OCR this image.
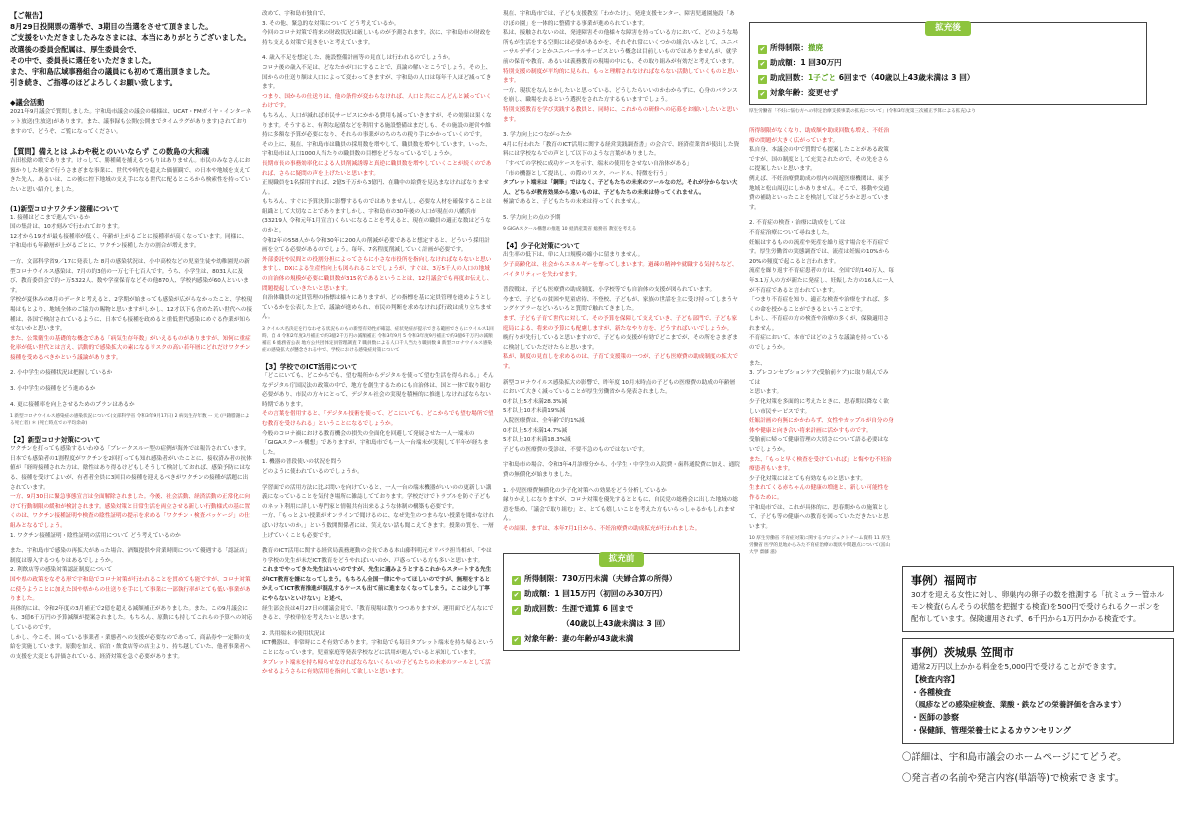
【ご報告】

8月29日投開票の選挙で、3期目の当選をさせて頂きました。

ご支援をいただきましたみなさまには、本当にありがとうございました。

改選後の委員会配属は、厚生委員会で、

その中で、委員長に選任をいただきました。

また、宇和島広域事務組合の議員にも初めて選出頂きました。

引き続き、ご指導のほどよろしくお願い致します。

◆議会活動

2021年9月議会で質問しました。宇和島市議会の議会の様様は、UCAT・FMガイヤ・インターネット放送(生放送)があります。また、議事録も公開(公開までタイムラグがあります)されておりますので、どうぞ、ご覧になってください。

【質問】備えとは ふわや税とのいいならず この数島の大和魂

吉田松陰の歌であります。けっして、勝種蔵を捕えるつもりはありません。市民のみなさんにお預かりした税金で行うさまざまな事業に、世代や時代を超えた価値観で、の日本や地域を支えてきた先人、あるいは、この後に控下地域の支え手になる世代に配るところから検索性を持っていたいと思い紹介しました。

(1)新型コロナワクチン接種について

1. 接種はどこまで進んでいるか

国の集計は、10才刻みで行われております。

12才から19才が最も接種率が低く、年齢が上がるごとに接種率が高くなっています。同様に、宇和島市も年齢層が上がるごとに、ワクチン接種した方の割合が増えます。

一方、文部科学省9／17に発表した 8月の感染状況は、小中高校などの児童生徒や幼稚園児の新型コロナウイルス感染は、7月の約3倍の一万七千七百人です。うち、小学生は、8031人に及び、教育委員会で約ー万5322人、数や学童保育などその他870人、学校内感染が60人といいます。

学校が夏休みの8月のデータと考えると、2学期が始まっても感染が広がらなかったこと、学校現場はもとより、地域全体のご協力の賜物と思いますがしかし、12才以下も含めた若い世代への接種は、各国で検討されているように、日本でも接種を政めると重低世代感染にめぐる作業が知らせないかと思います。

また、公衆衛生の基礎的な概念である「病気生存年数」がいえるものがありますが、知何に重症化率が低い世代とは言え、活動的で感染拡大の素になるリスクの高い若年層にどれだけワクチン接種を受めるべきかという議論があります。

2. 小中学生の接種状況は把握しているか

3. 小中学生の接種をどう進めるか

4. 更に接種率を向上させるためのプランはあるか

1 新型コロナウイルス感染症の感染状況について(文部科学省 令和3年9月17日) 2 病気生存年数 ー 元 (戸籍謄謝による死亡者) ＊ (死亡時点での平均余命)

【2】新型コロナ対策について

ワクチンを打っても感染するいわゆる「ブレークスルー型の症例が海外では報告されています。日本でも感染者の1割程度がワクチンを2回打っても知れ感染者がいたことに、接収済み者の抗体値が「経時接種された方は、陰性はあり得るけどもしそうして検討しておれば、感染予防にはなる、接種を受けてよいが、有者者全員に3回目の接種を迎えるべきがワクチンの接種が話題に出されています。

一方、9月30日に緊急事態宣言は全面解除されました。今後、社会活動、経済活動の正常化に向けて行動制限の緩和が検討されます。感染対策と日常生活を両立させる新しい行動様式の基に置くのは、ワクチン接種証明や検査の陰性証明の提示を求める「ワクチン・検査パッケージ」の仕組みとなるでしょう。

1. ワクチン接種証明・陰性証明の活用について どう考えているのか

また、宇和島市で感染の再拡大があった場合、酒類提供や営業時間について優遇する「認証店」制度は導入するつもりはあるでしょうか。

2. 利飲店等の感染対策認証制度について

国や県の政策をなぞる形で宇和島でコロナ対策が行われることを貫めても能ですが、コロナ対策に使うようことに加えた国や県からの仕送りを手にして事業に一部執行率がとても低い事業がありました。

具体的には、令和2年度の3月補正で2億を超える減額補正がありました。また、この9月議会にも、3億6千万円の予算減額が提案されました。もちろん、原動にも持してこれらの予算への対応しているのです。

しかし、今こそ、困っている事業者・業態者への支援が必要なのであって、商品券や一定額の支給を実施しています。原動を加え、宿泊・飲食店等の店主より、持ち越していた、他者事業者への支援を大変とも評価されている、経済対策を急ぐ必要があります。

改めて、宇和島市独自で、

3. その他、緊急的な対策について どう考えているか。

今回のコロナ対策で将来の財政状況は厳しいものが予測されます。次に、宇和島市の財政を持ち支える対策で見きをいと考えています。

4. 歳入不足を想定した、施設整備計画等の見直しは行われるのでしょうか。

コロナ後の歳入不足は、どなたかが口にすることで、真論の解いとこうでしょう。その上、国からの仕送り額は人口によって変わってきますが、宇和島の人口は毎年千人ほど減ってきます。

つまり、国からの仕送りは、他の条件が変わらなければ、人口と共にこんどんと減っていくわけです。

もちろん、人口が減れば市民サービスにかかる費用も減っていきますが、その効果は果くなります。そうすると、有利な起債などを利用する施設整備はまだしも、その施設の運営や維持に多額な予算が必要になり、それらの事業がのちのちの税り手にかかっていくのです。

その上に、現在、宇和島市は職員の採用数を増やして、職員数を増やしています。いった、宇和島市は人口1000人当たりの職員数の目標をどうなっているでしょうか。

長期市長の事務効率化による人員削減誘導と真逆に職員数を増やしていくことが続くのであれば、さらに疑問の声を上げたいと思います。

正規職員を1名採用すれば、2億5千万から3億円、在職中の給費を見込まなければなりません。

もちろん、すぐに予算決算に影響するものではありませんし、必要な人材を確保することは組織として大切なことでありますしかし、宇和島市の30年後の人口が現在の八幡浜市(33219人 令和元年1月宣言)くらいになることを考えると、現在の職員の適正な数はどうなのかと。

令和2年の558人から令和30年に200人の削減が必要であると想定すると、どういう採用計画を立てる必要があるのでしょう。毎年、7名程度削減していく計画が必要です。

外部委託や民間との役割分担によってさらに小さな市役所を指向しなければならないと思いますし、DXによる生産性向上も図られることでしょうが、すぐは、3万5千人の人口の地域の自治体の規模が必要に職員数が315名であるということは、12月議会でも再度お伝えし、問題提起していきたいと思います。

自治体職員の定員管理の指標は様々にありますが、どの指標を基に定員管理を進めようとしているかを公表した上で、議論が進められ、市民の判断を求めなければ行政は成り立ちません。

3 クイルス名決定を行なわせる状況ものもの新型有効性が確認、症状発症が提示できる範囲でさらにウイルス1回時、自 4 令和2年度3月補正で約3億2千万円の減額補正 令和3年9月 5 令和3年度9月補正で約3億6千万円の減額補正 6 総務省公表 地方公共団体定員管理調査 7 職員数による人口千人当たり職員数 8 新型コロナウイルス感染症の感染拡大が懸念される中で、学校における感染症対策について

【3】学校でのICT活用について

「どこにいても、どこからでも、望む場所からデジタルを使って望む生活を得られる。」そんなデジタル庁国民法の政策の中で、地方を創生するためにも自治体は、国と一体で取り組む必要があり、市民の方々にとって、デジタル社会の実現を積極的に推進しなければならない時期であります。

その言葉を借用すると、「デジタル技術を使って、どこにいても、どこからでも望む場所で望む教育を受けられる」ということになるでしょうか。

今般のコロナ禍における教育機会の損失の全面化を回避して発展させた一人一端末の「GIGAスクール構想」でありますが、宇和島市でも一人一台端末が実現して半年が経ちました。

1. 機器の普段使いの状況を問う

どのように使われているのでしょうか。

学習面での活用方法に比ぶ問いを向けていると、一人一台の端末機器がいいのの更新しい講義になっていることを気付き場所に雑誌してております。学校だけでトラブルを防ぐ子どものネット利用に詳しい専門家と情報共有出来るような体制の構築も必要です。

一方、「もっとよい授業がオンラインで聞けるのに、なぜ先生のつまらない授業を聞かなければいけないのか。」という数開関係者には、笑えない話も聞こえてきます。授業の質を、一層上げていくことも必要です。

教育のICT活用に関する経営局義務運動の会長である本山藤科明元オリパラ担当相が、「やはり学校の先生が未だICT教育をどうやればいいのか、戸惑っている方も多いと思います。

これまでやってきた先生はいいのですが、先生に適みようとするこれからスタートする先生がICT教育を嫌になってしまう。もちろん全国一律にやってほしいのですが、無理をするとかえってICT教育推進が混乱するケースも出て前に進まなくなってしまう。ここは少し丁寧にやらないといけない」と述べ、

経生部会長は4月27日の閣議会見で、「教育現場は散りつつありますが、運用面でどんなにできると、学校単位を考えたいと思います。

2. 共用端末の使用状況は

ICT機器は、非常時にこそ有効であります。宇和島でも毎日タブレット端末を持ち帰るということになっています。児童家庭等発表学校などに活用が進んでいると承知しています。

タブレット端末を持ち帰らせなければならないくらいの子どもたちの未来のツールとして活かせるようさらに有効活用を指向して欲しいと思います。

現在、宇和島市では、子ども支援教室「わかたけ」、発達支援センター、障害児通園施設「あけぼの園」を一体的に整備する事業が進められています。

私は、接触されないのは、発達障害その他様々な障害を持っている方において、どのような場所もが生活をする空間には必要があるかを、それぞれ常にいくつかの組合いみとして、ユニバーサルデザインとかユニバーサルサービスという概念は目前しいものではありませんが、就学前の保育や教育、あるいは義務教育の現場の中にも、その取り組みが有効だと考えています。

特別支援の制度が平均的に見られ、もっと理解されなければならない活動していくものと思います。

一方、現状をなんとかしたいと思っている、どうしたらいいのかわからずに、心身のバランスを崩し、職場を去るという選択をされた方するもいますでしょう。

特別支援教育を学び実践する教員と、同時に、これからの研修への応募をお願いしたいと思います。

3. 学力向上につながったか

4月に行われた「教育のICT活用に関する経営実践調査書」の会合で、経済産業省が使出した資料には学校ならでの声として以下のような言葉がありました。

「すべての学校に成功ケースを示す、端末の使用をさせない自治体がある」

「市の機器として提出し、の際のリスク、ハードル、特徴を行う」

タブレット端末は「鋼筆」ではなく、子どもたちの未来のツールなのだ。それが分からない大人、どちらが教育効果から遠いものは、子どもたちの未来は待ってくれません。

極論であると、子どもたちの未来は待ってくれません。

5. 学力向上の点の予期

9 GIGAスクール構想の推進 10 経済産業省 総務省 教室を考える

【4】少子化対策について

出生率の低下は、単に人口規模の縮小に留まりません。

少子高齢化は、社会からエネルギーを奪ってしまいます。過疎の精神や就職する気持ちなど、バイタリティーを失わせます。

普段戦は、子ども医療費の助成制度、小学校等でも自治体の支援が図られています。

今まで、子どもの貧困や児童虐待、不登校、子どもが、家族の世話を主に受け持ってしまうヤングケアラーなどいろいろと質問で触れてきました。

まず、子ども子育て世代に対して、その予算を保障して支えていき、子ども部門で、子ども家庭局による、将来の予算にも配慮しますが、新たなやり方を、どうすればいいでしょうか。

晩行りが先行していると思いますので、子どもの支援が有効でどこまでが、その所をさまざまに検討していただけたらと思います。

私が、制度の見直しを求めるのは、子育て支援策の一つが、子ども医療費の助成制度の拡大です。

新型コロナウイルス感染拡大の影響で、昨年度 10月末時点の子どもの医療費の助成の年齢層において大きく減っていることが厚生労働省から発表されました。

0才以上5才未満28.3%減

5才以上10才未満19%減

入院医療費は、全年齢で約1%減

0才以上5才未満14.7%減

5才以上10才未満18.3%減

子どもの医療費の受診は、不要不急のものではないです。

宇和島市の場合、令和3年4月診療分から、小学生・中学生の入院費・歯科通院費に加え、通院費の無償化が始まりました。

1. 小児医療費無償化の少子化対策への効果をどう分析しているか

縁りかえしになりますが、コロナ対策を優先するとともに、自民党の総務会に出した地域の総意を集め、「議会で取り組む」と、とても嬉しいことを考えた方もいらっしゃるかもしれません。

その結果、まずは、本年7月1日から、不妊治療費の助成拡充が行われました。

拡充前
✔ 所得制限：730万円未満（夫婦合算の所得）
✔ 助成額：1 回15万円（初回のみ30万円）
✔ 助成回数：生涯で通算 6 回まで
（40歳以上43歳未満は 3 回）
✔ 対象年齢：妻の年齢が43歳未満
拡充後
✔ 所得制限：撤廃
✔ 助成額：1 回30万円
✔ 助成回数：1子ごと 6回まで（40歳以上43歳未満は 3 回）
✔ 対象年齢：変更せず

厚生労働省「不妊に悩む方への特定治療支援事業の拡充について」(令和3年度第三次補正予算による拡充)より

所得制限がなくなり、助成額や助成回数も増え、不妊治療の問題が大きく広がっています。

私自身、本議会の中で質問でも提案したことがある政策ですが、国の制度として充実されたので、その先をさらに提案したいと思います。

例えば、不妊治療費助成の県内の周遊医療機関は、東予地域と松山周辺にしかありません。そこで、移動や交通費の補助といったことを検討してはどうかと思っています。

2. 不育症の検査・治療に助成をしては

不育症治療について尋ねました。

妊娠はするものの流産や死産を繰り返す場合を不育症です。厚生労働省の実態調査では、流産は妊娠の10%から20%の頻度で起こると言われます。

流産を繰り返す不育症患者の方は、全国で約140万人、毎年3.1万人の方が新たに発症し、妊娠した方の16人に一人が不育症であると言われています。

「つまり不育症を知り、適正な検査や治療をすれば、多くの命を授かることができるということです。

しかし、不育症の方の検査や治療の多くが、保険適用されません。

不育症において、本市ではどのような議論を持っているのでしょうか。

また、

3. プレコンセプションケア(受胎前ケア)に取り組んでみては

と思います。

少子化対策を多面的に考えたときに、思春期以降なく欲しい市民サービスです。

妊娠計画の有無にかかわらず、女性やカップルが自分の身体や健康と向き合い将来計画に活かすものです。

受胎前に帰って健康管理の大切さについて語る必要はないでしょうか。

また、「もっと早く検査を受けていれば」と悔やむ不妊治療患者もいます。

少子化対策にはとても有効なものと思います。

生まれてくる赤ちゃんの健康の増進と、新しい可能性を作るために。

宇和島市では、これが具体的に、思春期からの施策として、子ども等の健康への教育を図っていただきたいと思います。

10 厚生労働省 不育症対策に関するプロジェクトチーム資料 11 厚生労働省 医学的見地からみた不育症治療の現状や問題点について(富山大学 齋藤 滋)

事例）福岡市

30才を迎える女性に対し、卵巣内の卵子の数を推測する「抗ミュラー管ホルモン検査(らんそうの状態を把握する検査)を500円で受けられるクーポンを配布しています。保険適用されず、6千円から1万円かかる検査です。

事例）茨城県 笠間市

通常2万円以上かかる料金を5,000円で受けることができます。

【検査内容】

・各種検査

（風疹などの感染症検査、業酸・鉄などの栄養評価を含みます）

・医師の診察

・保健師、管理栄養士によるカウンセリング

〇詳細は、宇和島市議会のホームページにてどうぞ。

〇発言者の名前や発言内容(単語等)で検索できます。
